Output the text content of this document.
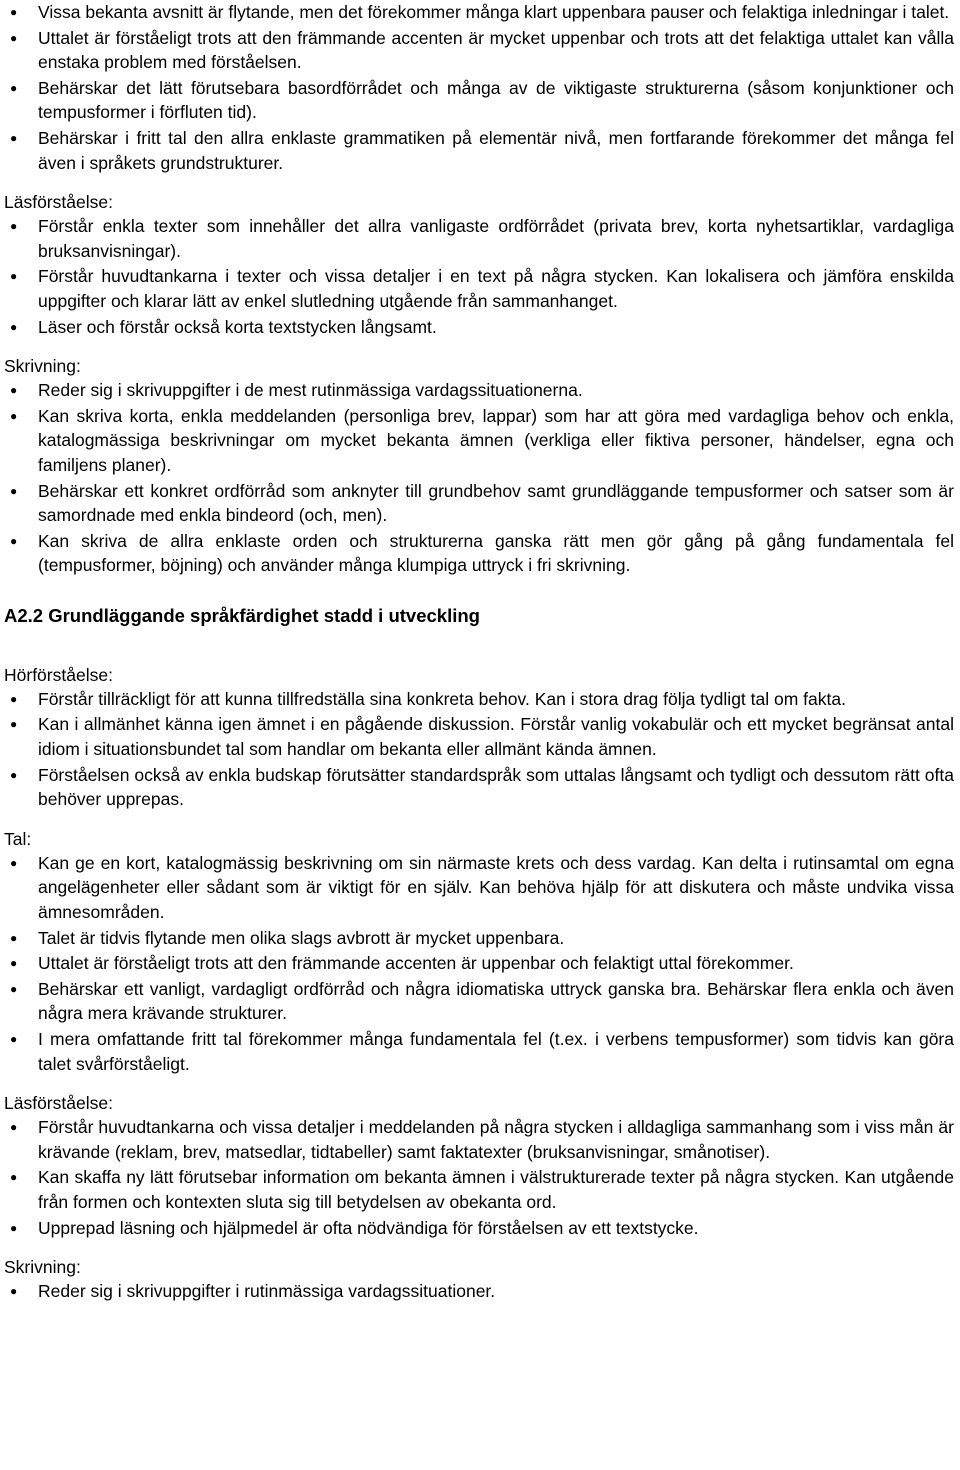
● Vissa bekanta avsnitt är flytande, men det förekommer många klart uppenbara pauser och felaktiga inledningar i talet.
● Uttalet är förståeligt trots att den främmande accenten är mycket uppenbar och trots att det felaktiga uttalet kan vålla enstaka problem med förståelsen.
● Behärskar det lätt förutsebara basordförrådet och många av de viktigaste strukturerna (såsom konjunktioner och tempusformer i förfluten tid).
● Behärskar i fritt tal den allra enklaste grammatiken på elementär nivå, men fortfarande förekommer det många fel även i språkets grundstrukturer.
Läsförståelse:
● Förstår enkla texter som innehåller det allra vanligaste ordförrådet (privata brev, korta nyhetsartiklar, vardagliga bruksanvisningar).
● Förstår huvudtankarna i texter och vissa detaljer i en text på några stycken. Kan lokalisera och jämföra enskilda uppgifter och klarar lätt av enkel slutledning utgående från sammanhanget.
● Läser och förstår också korta textstycken långsamt.
Skrivning:
● Reder sig i skrivuppgifter i de mest rutinmässiga vardagssituationerna.
● Kan skriva korta, enkla meddelanden (personliga brev, lappar) som har att göra med vardagliga behov och enkla, katalogmässiga beskrivningar om mycket bekanta ämnen (verkliga eller fiktiva personer, händelser, egna och familjens planer).
● Behärskar ett konkret ordförråd som anknyter till grundbehov samt grundläggande tempusformer och satser som är samordnade med enkla bindeord (och, men).
● Kan skriva de allra enklaste orden och strukturerna ganska rätt men gör gång på gång fundamentala fel (tempusformer, böjning) och använder många klumpiga uttryck i fri skrivning.
A2.2 Grundläggande språkfärdighet stadd i utveckling
Hörförståelse:
● Förstår tillräckligt för att kunna tillfredställa sina konkreta behov. Kan i stora drag följa tydligt tal om fakta.
● Kan i allmänhet känna igen ämnet i en pågående diskussion. Förstår vanlig vokabulär och ett mycket begränsat antal idiom i situationsbundet tal som handlar om bekanta eller allmänt kända ämnen.
● Förståelsen också av enkla budskap förutsätter standardspråk som uttalas långsamt och tydligt och dessutom rätt ofta behöver upprepas.
Tal:
● Kan ge en kort, katalogmässig beskrivning om sin närmaste krets och dess vardag. Kan delta i rutinsamtal om egna angelägenheter eller sådant som är viktigt för en själv. Kan behöva hjälp för att diskutera och måste undvika vissa ämnesområden.
● Talet är tidvis flytande men olika slags avbrott är mycket uppenbara.
● Uttalet är förståeligt trots att den främmande accenten är uppenbar och felaktigt uttal förekommer.
● Behärskar ett vanligt, vardagligt ordförråd och några idiomatiska uttryck ganska bra. Behärskar flera enkla och även några mera krävande strukturer.
● I mera omfattande fritt tal förekommer många fundamentala fel (t.ex. i verbens tempusformer) som tidvis kan göra talet svårförståeligt.
Läsförståelse:
● Förstår huvudtankarna och vissa detaljer i meddelanden på några stycken i alldagliga sammanhang som i viss mån är krävande (reklam, brev, matsedlar, tidtabeller) samt faktatexter (bruksanvisningar, smånotiser).
● Kan skaffa ny lätt förutsebar information om bekanta ämnen i välstrukturerade texter på några stycken. Kan utgående från formen och kontexten sluta sig till betydelsen av obekanta ord.
● Upprepad läsning och hjälpmedel är ofta nödvändiga för förståelsen av ett textstycke.
Skrivning:
● Reder sig i skrivuppgifter i rutinmässiga vardagssituationer.
